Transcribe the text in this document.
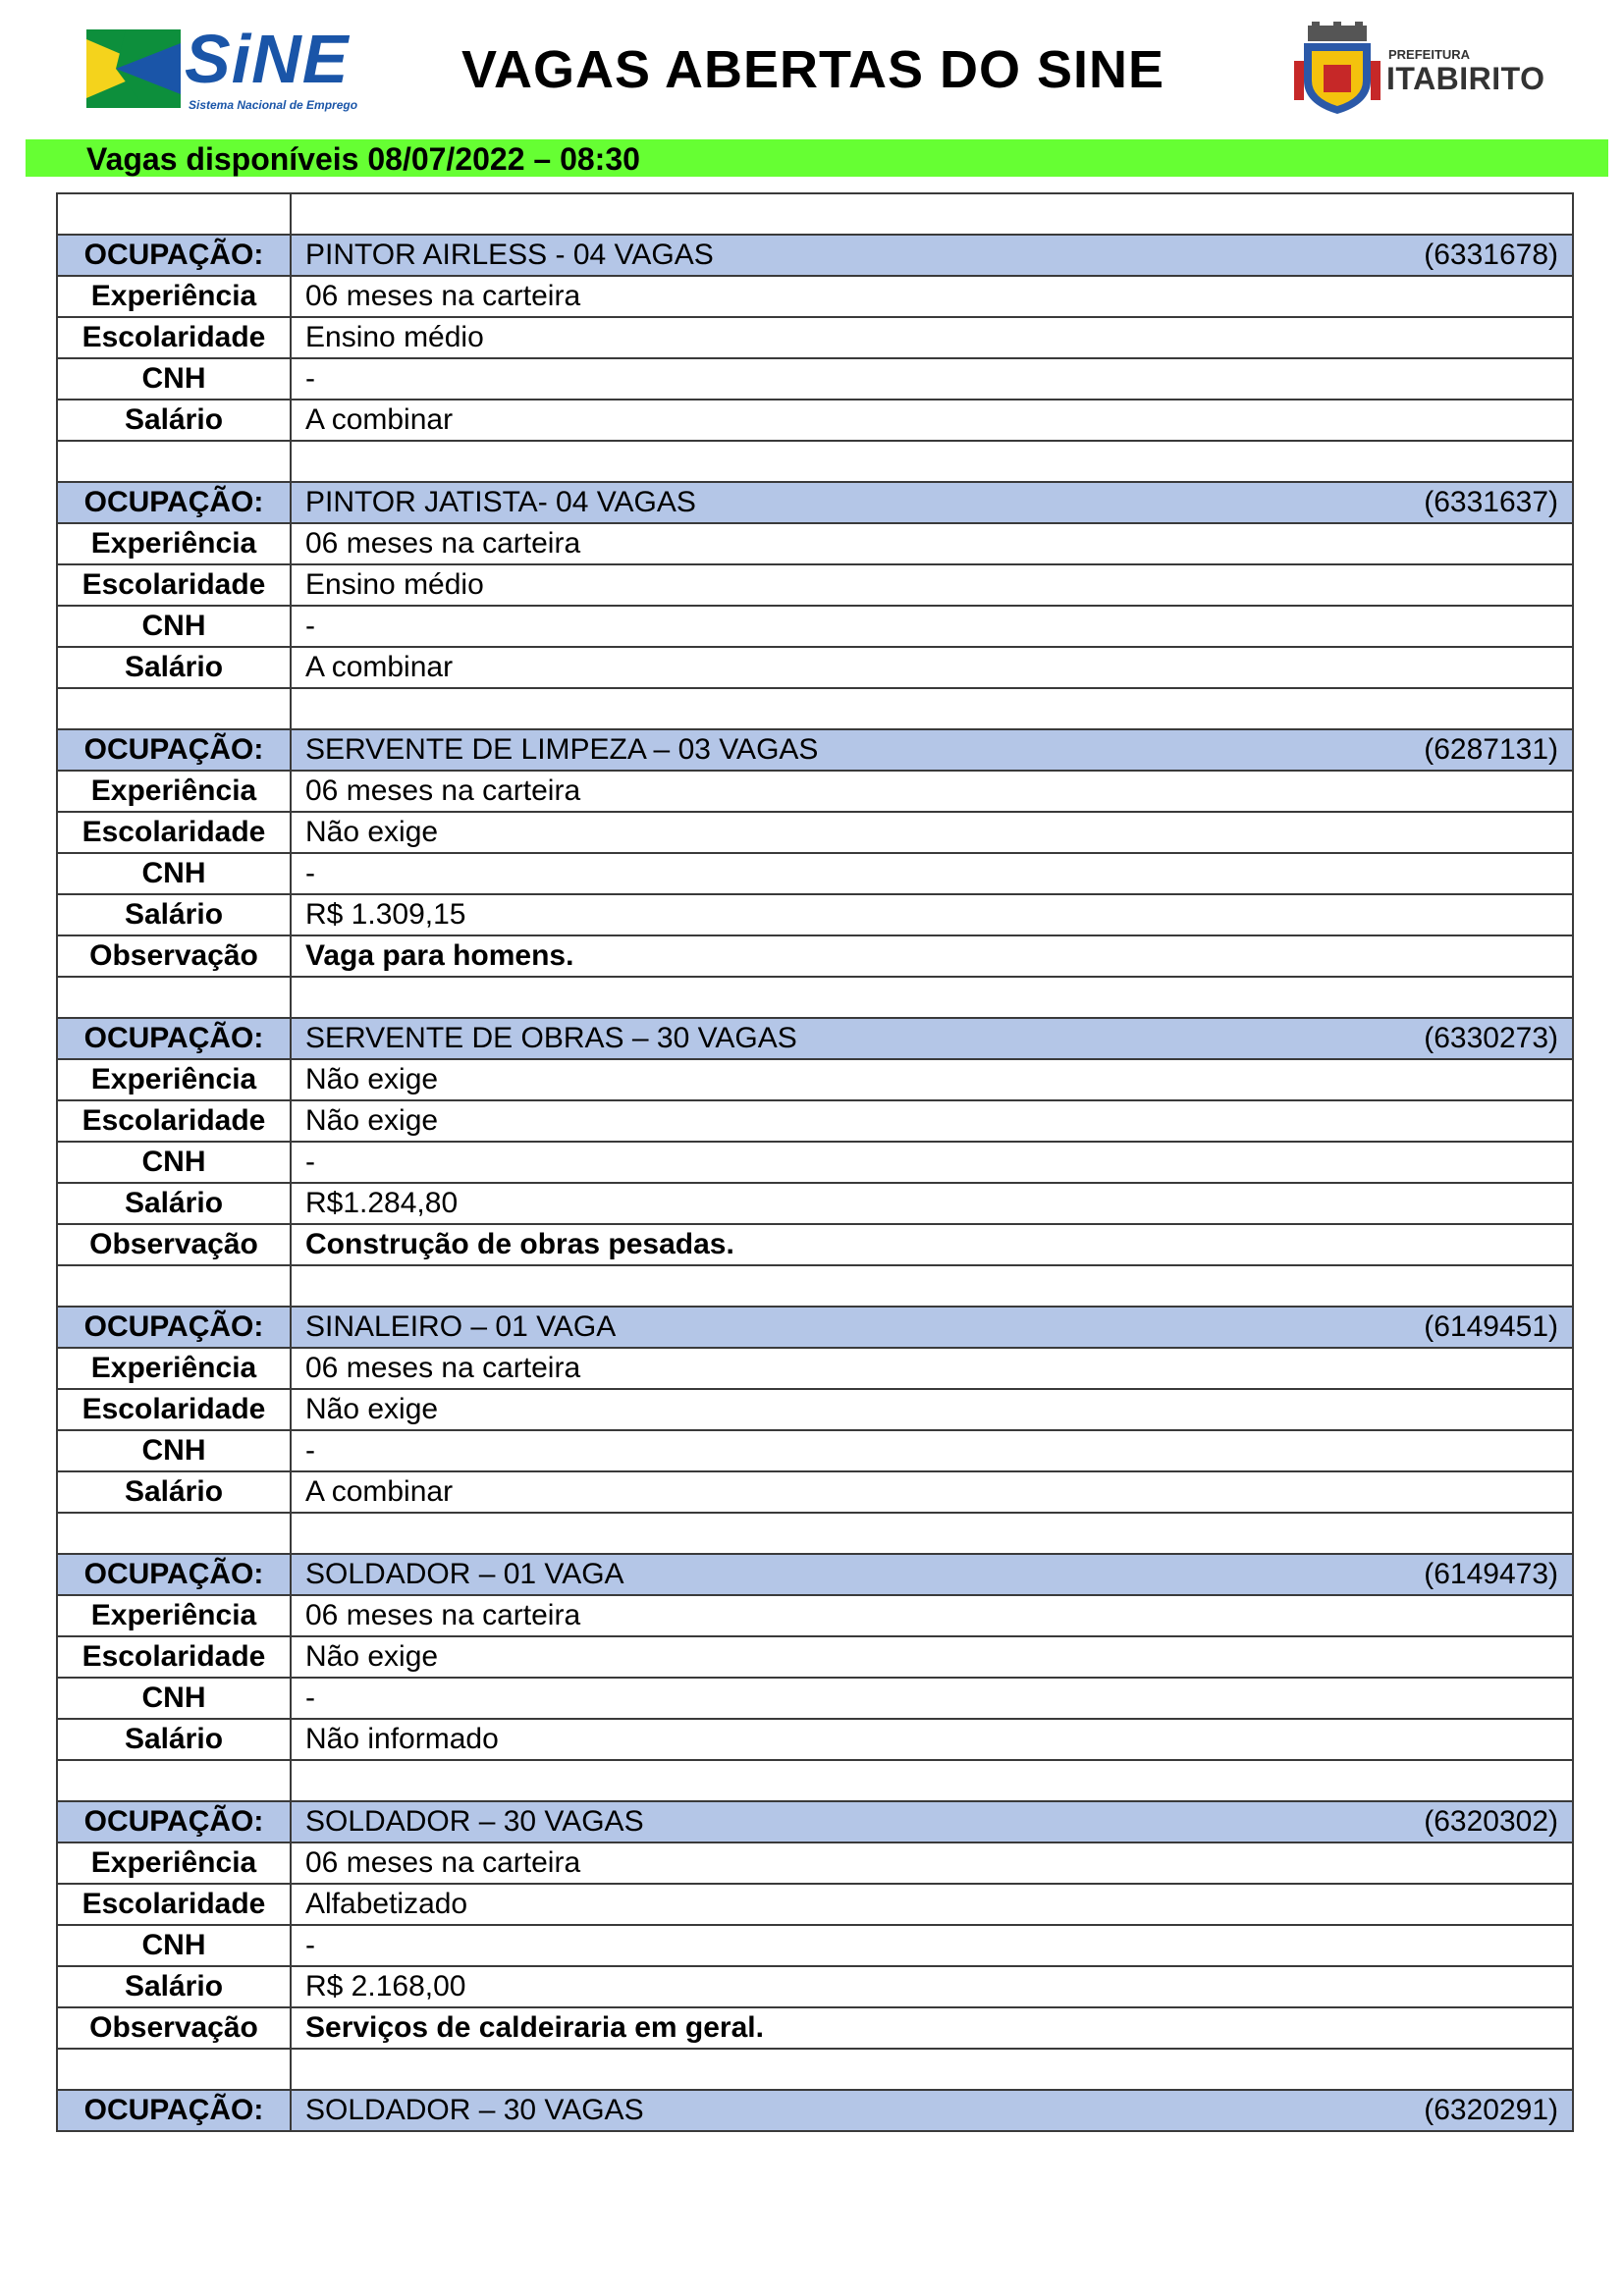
SiNE
Sistema Nacional de Emprego
VAGAS ABERTAS DO SINE	PREFEITURA
ITABIRITO
Vagas disponíveis 08/07/2022 – 08:30

OCUPAÇÃO:	PINTOR AIRLESS - 04 VAGAS (6331678)

Experiência	06 meses na carteira
Escolaridade	Ensino médio
CNH	-
Salário	A combinar

OCUPAÇÃO:	PINTOR JATISTA- 04 VAGAS (6331637)

Experiência	06 meses na carteira
Escolaridade	Ensino médio
CNH	-
Salário	A combinar

OCUPAÇÃO:	SERVENTE DE LIMPEZA – 03 VAGAS (6287131)

Experiência	06 meses na carteira
Escolaridade	Não exige
CNH	-
Salário	R$ 1.309,15
Observação	Vaga para homens.

OCUPAÇÃO:	SERVENTE DE OBRAS – 30 VAGAS (6330273)

Experiência	Não exige
Escolaridade	Não exige
CNH	-
Salário	R$1.284,80
Observação	Construção de obras pesadas.

OCUPAÇÃO:	SINALEIRO – 01 VAGA (6149451)

Experiência	06 meses na carteira
Escolaridade	Não exige
CNH	-
Salário	A combinar

OCUPAÇÃO:	SOLDADOR – 01 VAGA (6149473)

Experiência	06 meses na carteira
Escolaridade	Não exige
CNH	-
Salário	Não informado

OCUPAÇÃO:	SOLDADOR – 30 VAGAS (6320302)

Experiência	06 meses na carteira
Escolaridade	Alfabetizado
CNH	-
Salário	R$ 2.168,00
Observação	Serviços de caldeiraria em geral.

OCUPAÇÃO:	SOLDADOR – 30 VAGAS (6320291)
